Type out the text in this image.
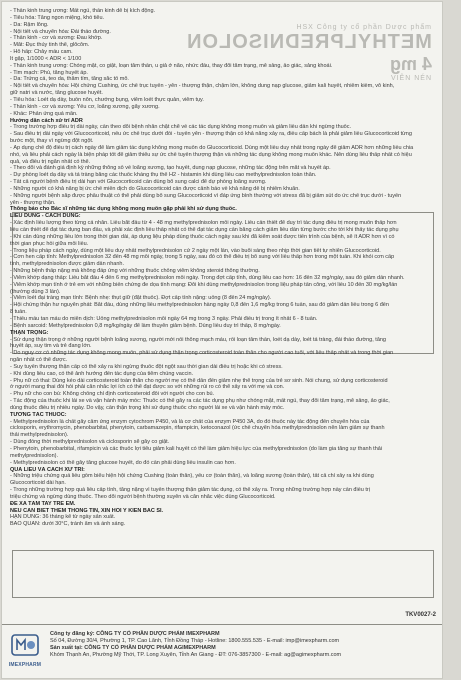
HSX Công ty cổ phần Dược phẩm
METHYLPREDNISOLON
4 mg
VIÊN NÉN
- Thần kinh trung ương: Mất ngủ, thần kinh dễ bị kích động.
- Tiêu hóa: Tăng ngon miệng, khó tiêu.
- Da: Rậm lông.
- Nội tiết và chuyển hóa: Đái tháo đường.
- Thần kinh - cơ và xương: Đau khớp.
- Mắt: Đục thủy tinh thể, glôcôm.
- Hô hấp: Chảy máu cam.
Ít gặp, 1/1000 < ADR < 1/100
- Thần kinh trung ương: Chóng mặt, co giật, loạn tâm thần, u giả ở não, nhức đầu, thay đổi tâm trạng, mê sảng, ảo giác, sảng khoái.
- Tim mạch: Phù, tăng huyết áp.
- Da: Trứng cá, teo da, thâm tím, tăng sắc tố mô.
- Nội tiết và chuyển hóa: Hội chứng Cushing, ức chế trục tuyến - yên - thượng thận, chậm lớn, không dung nạp glucose, giảm kali huyết, nhiễm kiềm, vô kinh,
giữ natri và nước, tăng glucose huyết.
- Tiêu hóa: Loét dạ dày, buồn nôn, chướng bụng, viêm loét thực quản, viêm tụy.
- Thần kinh - cơ và xương: Yếu cơ, loãng xương, gãy xương.
- Khác: Phản ứng quá mẫn.
Hướng dẫn cách xử trí ADR
- Trong trường hợp điều trị dài ngày, cần theo dõi bệnh nhân chặt chẽ về các tác dụng không mong muốn và giảm liều dần khi ngừng thuốc.
- Sau điều trị dài ngày với Glucocorticoid, nếu ức chế trục dưới đồi - tuyến yên - thượng thận có khả năng xảy ra, điều cấp bách là phải giảm liều Glucocorticoid từng
bước một, thay vì ngừng đột ngột.
- Áp dụng chế độ điều trị cách ngày để làm giảm tác dụng không mong muốn do Glucocorticoid. Dùng một liều duy nhất trong ngày để giảm ADR hơn những liều chia
nhỏ, và liều phải cách ngày là biện pháp tốt để giảm thiểu sự ức chế tuyến thượng thận và những tác dụng không mong muốn khác. Nên dùng liều thấp nhất có hiệu
quả, và điều trị ngắn nhất có thể.
- Theo dõi và đánh giá định kỳ những thông số về loãng xương, tạo huyết, dung nạp glucose, những tác động trên mắt và huyết áp.
- Dự phòng loét dạ dày và tá tràng bằng các thuốc kháng thụ thể H2 - histamin khi dùng liều cao methylprednisolon toàn thân.
- Tất cả người bệnh điều trị dài hạn với Glucocorticoid cần dùng bổ sung calci để dự phòng loãng xương.
- Những người có khả năng bị ức chế miễn dịch do Glucocorticoid cần được cảnh báo về khả năng dễ bị nhiễm khuẩn.
- Những người bệnh sắp được phẫu thuật có thể phải dùng bổ sung Glucocorticoid vì đáp ứng bình thường với stress đã bị giảm sút do ức chế trục dưới - tuyến
yên - thượng thận.
Thông báo cho Bác sĩ những tác dụng không mong muốn gặp phải khi sử dụng thuốc.
LIỀU DÙNG - CÁCH DÙNG:
- Xác định liều lượng theo từng cá nhân. Liều bắt đầu từ 4 - 48 mg methylprednisolon mỗi ngày. Liều cần thiết để duy trì tác dụng điều trị mong muốn thấp hơn
liều cần thiết để đạt tác dụng ban đầu, và phải xác định liều thấp nhất có thể đạt tác dụng cần bằng cách giảm liều dần từng bước cho tới khi thấy tác dụng phụ
- Khi cần dùng những liều lớn trong thời gian dài, áp dụng liệu pháp dùng thuốc cách ngày sau khi đã kiểm soát được tiến trình của bệnh, sẽ ít ADR hơn vì có
thời gian phục hồi giữa mỗi liều.
- Trong liệu pháp cách ngày, dùng một liều duy nhất methylprednisolon cứ 2 ngày một lần, vào buổi sáng theo nhịp thời gian tiết tự nhiên Glucocorticoid.
- Cơn hen cấp tính: Methylprednisolon 32 đến 48 mg mỗi ngày, trong 5 ngày, sau đó có thể điều trị bổ sung với liều thấp hơn trong một tuần. Khi khỏi cơn cấp
tính, methylprednisolon được giảm dần nhanh.
- Những bệnh thấp nặng mà không đáp ứng với những thuốc chống viêm không steroid thông thường.
- Viêm khớp dạng thấp: Liều bắt đầu 4 đến 6 mg methylprednisolon mỗi ngày. Trong đợt cấp tính, dùng liều cao hơn: 16 đến 32 mg/ngày, sau đó giảm dần nhanh.
- Viêm khớp mạn tính ở trẻ em với những biến chứng đe dọa tính mạng: Đôi khi dùng methylprednisolon trong liệu pháp tấn công, với liều 10 đến 30 mg/kg/lần
(thường dùng 3 lần).
- Viêm loét đại tràng mạn tính: Bệnh nhẹ: thụt giữ (đặt thuốc). Đợt cấp tính nặng: uống (8 đến 24 mg/ngày).
- Hội chứng thận hư nguyên phát: Bắt đầu, dùng những liều methylprednisolon hàng ngày 0,8 đến 1,6 mg/kg trong 6 tuần, sau đó giảm dần liều trong 6 đến
8 tuần.
- Thiếu máu tan máu do miễn dịch: Uống methylprednisolon mỗi ngày 64 mg trong 3 ngày. Phải điều trị trong ít nhất 6 - 8 tuần.
- Bệnh sarcoid: Methylprednisolon 0,8 mg/kg/ngày để làm thuyên giảm bệnh. Dùng liều duy trì thấp, 8 mg/ngày.
THẬN TRỌNG:
- Sử dụng thận trọng ở những người bệnh loãng xương, người mới nối thông mạch máu, rối loạn tâm thần, loét dạ dày, loét tá tràng, đái tháo đường, tăng
huyết áp, suy tim và trẻ đang lớn.
- Do nguy cơ có những tác dụng không mong muốn, phải sử dụng thận trọng corticosteroid toàn thân cho người cao tuổi, với liều thấp nhất và trong thời gian
ngắn nhất có thể được.
- Suy tuyến thượng thận cấp có thể xảy ra khi ngừng thuốc đột ngột sau thời gian dài điều trị hoặc khi có stress.
- Khi dùng liều cao, có thể ảnh hưởng đến tác dụng của tiêm chủng vaccin.
- Phụ nữ có thai: Dùng kéo dài corticosteroid toàn thân cho người mẹ có thể dẫn đến giảm nhẹ thể trọng của trẻ sơ sinh. Nói chung, sử dụng corticosteroid
ở người mang thai đòi hỏi phải cân nhắc lợi ích có thể đạt được so với những rủi ro có thể xảy ra với mẹ và con.
- Phụ nữ cho con bú: Không chống chỉ định corticosteroid đối với người cho con bú.
- Tác động của thuốc khi lái xe và vận hành máy móc: Thuốc có thể gây ra các tác dụng phụ như chóng mặt, mất ngủ, thay đổi tâm trạng, mê sảng, ảo giác,
dùng thuốc điều trị nhiều ngày. Do vậy, cần thận trọng khi sử dụng thuốc cho người lái xe và vận hành máy móc.
TƯƠNG TÁC THUỐC:
- Methylprednisolon là chất gây cảm ứng enzym cytochrom P450, và là cơ chất của enzym P450 3A, do đó thuốc này tác động đến chuyển hóa của
ciclosporin, erythromycin, phenobarbital, phenytoin, carbamazepin, rifampicin, ketoconazol (ức chế chuyển hóa methylprednisolon nên làm giảm sự thanh
thải methylprednisolon).
- Dùng đồng thời methylprednisolon và ciclosporin sẽ gây co giật.
- Phenytoin, phenobarbital, rifampicin và các thuốc lợi tiểu giảm kali huyết có thể làm giảm hiệu lực của methylprednisolon (do làm gia tăng sự thanh thải
methylprednisolon).
- Methylprednisolon có thể gây tăng glucose huyết, do đó cần phải dùng liều insulin cao hơn.
QUÁ LIỀU VÀ CÁCH XỬ TRÍ:
- Những triệu chứng quá liều gồm biểu hiện hội chứng Cushing (toàn thân), yếu cơ (toàn thân), và loãng xương (toàn thân), tất cả chỉ xảy ra khi dùng
Glucocorticoid dài hạn.
- Trong những trường hợp quá liều cấp tính, tăng nặng vì tuyến thượng thận giảm tác dụng, có thể xảy ra. Trong những trường hợp này cần điều trị
triệu chứng và ngừng dùng thuốc. Theo dõi người bệnh thường xuyên và cân nhắc việc dùng Glucocorticoid.
ĐỂ XA TẦM TAY TRẺ EM.
NẾU CẦN BIẾT THÊM THÔNG TIN, XIN HỎI Ý KIẾN BÁC SĨ.
HẠN DÙNG: 36 tháng kể từ ngày sản xuất.
BẢO QUẢN: dưới 30°C, tránh ẩm và ánh sáng.
TKV0027-2
IMEXPHARM
Công ty đăng ký: CÔNG TY CỔ PHẦN DƯỢC PHẨM IMEXPHARM
Số 04, Đường 30/4, Phường 1, TP. Cao Lãnh, Tỉnh Đồng Tháp - Hotline: 1800.555.535 - E-mail: imp@imexpharm.com
Sản xuất tại: CÔNG TY CỔ PHẦN DƯỢC PHẨM AGIMEXPHARM
Khóm Thạnh An, Phường Mỹ Thới, TP. Long Xuyên, Tỉnh An Giang - ĐT: 076-3857300 - E-mail: ag@agimexpharm.com
